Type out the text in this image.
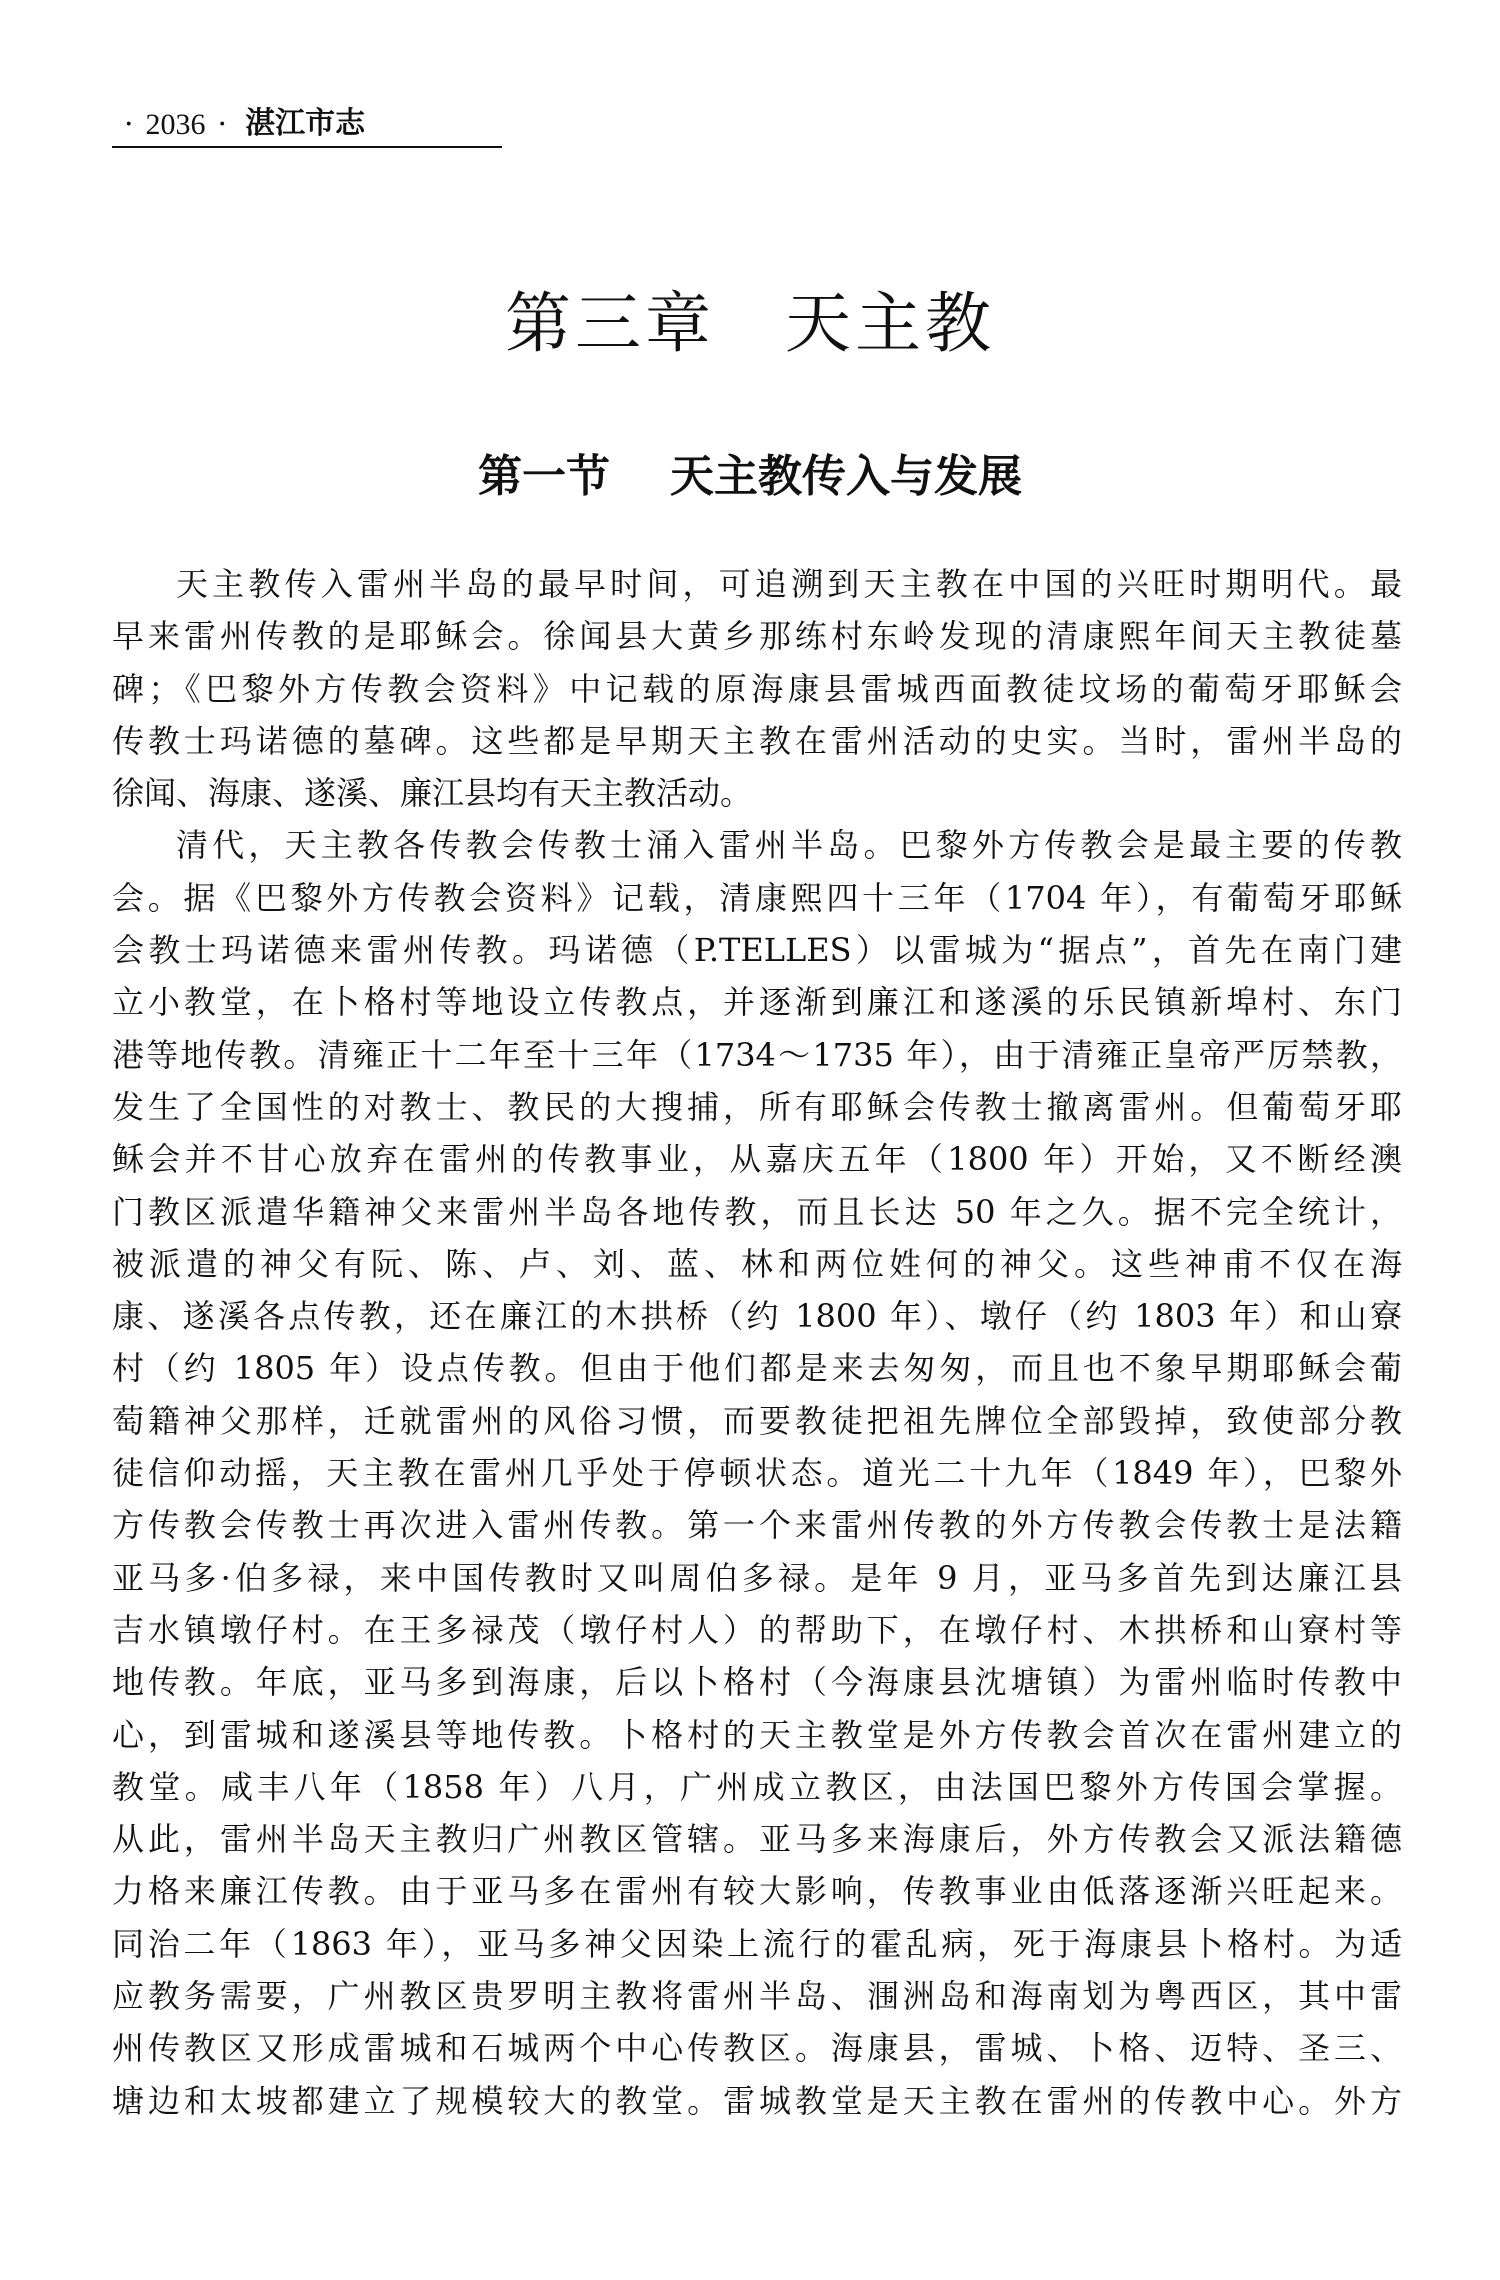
· 2036 · 湛江市志
第三章 天主教
第一节 天主教传入与发展
天主教传入雷州半岛的最早时间，可追溯到天主教在中国的兴旺时期明代。最
早来雷州传教的是耶稣会。徐闻县大黄乡那练村东岭发现的清康熙年间天主教徒墓
碑；《巴黎外方传教会资料》中记载的原海康县雷城西面教徒坟场的葡萄牙耶稣会
传教士玛诺德的墓碑。这些都是早期天主教在雷州活动的史实。当时，雷州半岛的
徐闻、海康、遂溪、廉江县均有天主教活动。
清代，天主教各传教会传教士涌入雷州半岛。巴黎外方传教会是最主要的传教
会。据《巴黎外方传教会资料》记载，清康熙四十三年（1704 年），有葡萄牙耶稣
会教士玛诺德来雷州传教。玛诺德（P.TELLES）以雷城为“据点”，首先在南门建
立小教堂，在卜格村等地设立传教点，并逐渐到廉江和遂溪的乐民镇新埠村、东门
港等地传教。清雍正十二年至十三年（1734～1735 年），由于清雍正皇帝严厉禁教，
发生了全国性的对教士、教民的大搜捕，所有耶稣会传教士撤离雷州。但葡萄牙耶
稣会并不甘心放弃在雷州的传教事业，从嘉庆五年（1800 年）开始，又不断经澳
门教区派遣华籍神父来雷州半岛各地传教，而且长达 50 年之久。据不完全统计，
被派遣的神父有阮、陈、卢、刘、蓝、林和两位姓何的神父。这些神甫不仅在海
康、遂溪各点传教，还在廉江的木拱桥（约 1800 年）、墩仔（约 1803 年）和山寮
村（约 1805 年）设点传教。但由于他们都是来去匆匆，而且也不象早期耶稣会葡
萄籍神父那样，迁就雷州的风俗习惯，而要教徒把祖先牌位全部毁掉，致使部分教
徒信仰动摇，天主教在雷州几乎处于停顿状态。道光二十九年（1849 年），巴黎外
方传教会传教士再次进入雷州传教。第一个来雷州传教的外方传教会传教士是法籍
亚马多·伯多禄，来中国传教时又叫周伯多禄。是年 9 月，亚马多首先到达廉江县
吉水镇墩仔村。在王多禄茂（墩仔村人）的帮助下，在墩仔村、木拱桥和山寮村等
地传教。年底，亚马多到海康，后以卜格村（今海康县沈塘镇）为雷州临时传教中
心，到雷城和遂溪县等地传教。卜格村的天主教堂是外方传教会首次在雷州建立的
教堂。咸丰八年（1858 年）八月，广州成立教区，由法国巴黎外方传国会掌握。
从此，雷州半岛天主教归广州教区管辖。亚马多来海康后，外方传教会又派法籍德
力格来廉江传教。由于亚马多在雷州有较大影响，传教事业由低落逐渐兴旺起来。
同治二年（1863 年），亚马多神父因染上流行的霍乱病，死于海康县卜格村。为适
应教务需要，广州教区贵罗明主教将雷州半岛、涠洲岛和海南划为粤西区，其中雷
州传教区又形成雷城和石城两个中心传教区。海康县，雷城、卜格、迈特、圣三、
塘边和太坡都建立了规模较大的教堂。雷城教堂是天主教在雷州的传教中心。外方
